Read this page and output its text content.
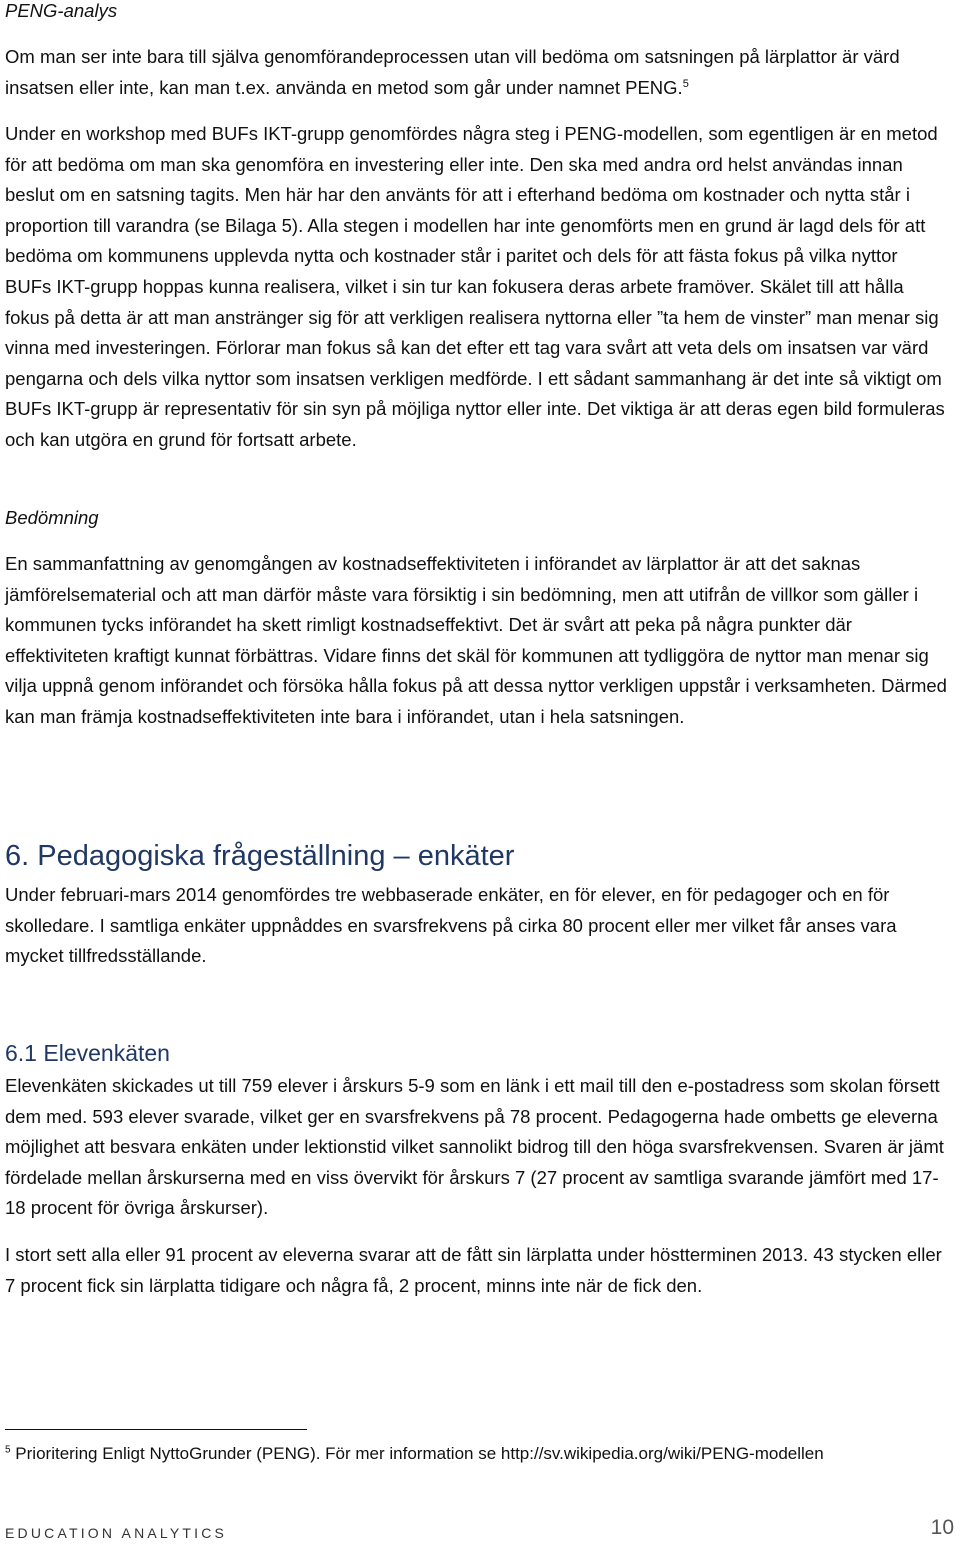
PENG-analys

Om man ser inte bara till själva genomförandeprocessen utan vill bedöma om satsningen på lärplattor är värd insatsen eller inte, kan man t.ex. använda en metod som går under namnet PENG.$^5$

Under en workshop med BUFs IKT-grupp genomfördes några steg i PENG-modellen, som egentligen är en metod för att bedöma om man ska genomföra en investering eller inte. Den ska med andra ord helst användas innan beslut om en satsning tagits. Men här har den använts för att i efterhand bedöma om kostnader och nytta står i proportion till varandra (se Bilaga 5). Alla stegen i modellen har inte genomförts men en grund är lagd dels för att bedöma om kommunens upplevda nytta och kostnader står i paritet och dels för att fästa fokus på vilka nyttor BUFs IKT-grupp hoppas kunna realisera, vilket i sin tur kan fokusera deras arbete framöver. Skälet till att hålla fokus på detta är att man anstränger sig för att verkligen realisera nyttorna eller ”ta hem de vinster” man menar sig vinna med investeringen. Förlorar man fokus så kan det efter ett tag vara svårt att veta dels om insatsen var värd pengarna och dels vilka nyttor som insatsen verkligen medförde. I ett sådant sammanhang är det inte så viktigt om BUFs IKT-grupp är representativ för sin syn på möjliga nyttor eller inte. Det viktiga är att deras egen bild formuleras och kan utgöra en grund för fortsatt arbete.

Bedömning

En sammanfattning av genomgången av kostnadseffektiviteten i införandet av lärplattor är att det saknas jämförelsematerial och att man därför måste vara försiktig i sin bedömning, men att utifrån de villkor som gäller i kommunen tycks införandet ha skett rimligt kostnadseffektivt. Det är svårt att peka på några punkter där effektiviteten kraftigt kunnat förbättras. Vidare finns det skäl för kommunen att tydliggöra de nyttor man menar sig vilja uppnå genom införandet och försöka hålla fokus på att dessa nyttor verkligen uppstår i verksamheten. Därmed kan man främja kostnadseffektiviteten inte bara i införandet, utan i hela satsningen.

6. Pedagogiska frågeställning – enkäter

Under februari-mars 2014 genomfördes tre webbaserade enkäter, en för elever, en för pedagoger och en för skolledare. I samtliga enkäter uppnåddes en svarsfrekvens på cirka 80 procent eller mer vilket får anses vara mycket tillfredsställande.

6.1 Elevenkäten

Elevenkäten skickades ut till 759 elever i årskurs 5-9 som en länk i ett mail till den e-postadress som skolan försett dem med. 593 elever svarade, vilket ger en svarsfrekvens på 78 procent. Pedagogerna hade ombetts ge eleverna möjlighet att besvara enkäten under lektionstid vilket sannolikt bidrog till den höga svarsfrekvensen. Svaren är jämt fördelade mellan årskurserna med en viss övervikt för årskurs 7 (27 procent av samtliga svarande jämfört med 17-18 procent för övriga årskurser).

I stort sett alla eller 91 procent av eleverna svarar att de fått sin lärplatta under höstterminen 2013. 43 stycken eller 7 procent fick sin lärplatta tidigare och några få, 2 procent, minns inte när de fick den.

$^5$ Prioritering Enligt NyttoGrunder (PENG). För mer information se http://sv.wikipedia.org/wiki/PENG-modellen

EDUCATION ANALYTICS	10
